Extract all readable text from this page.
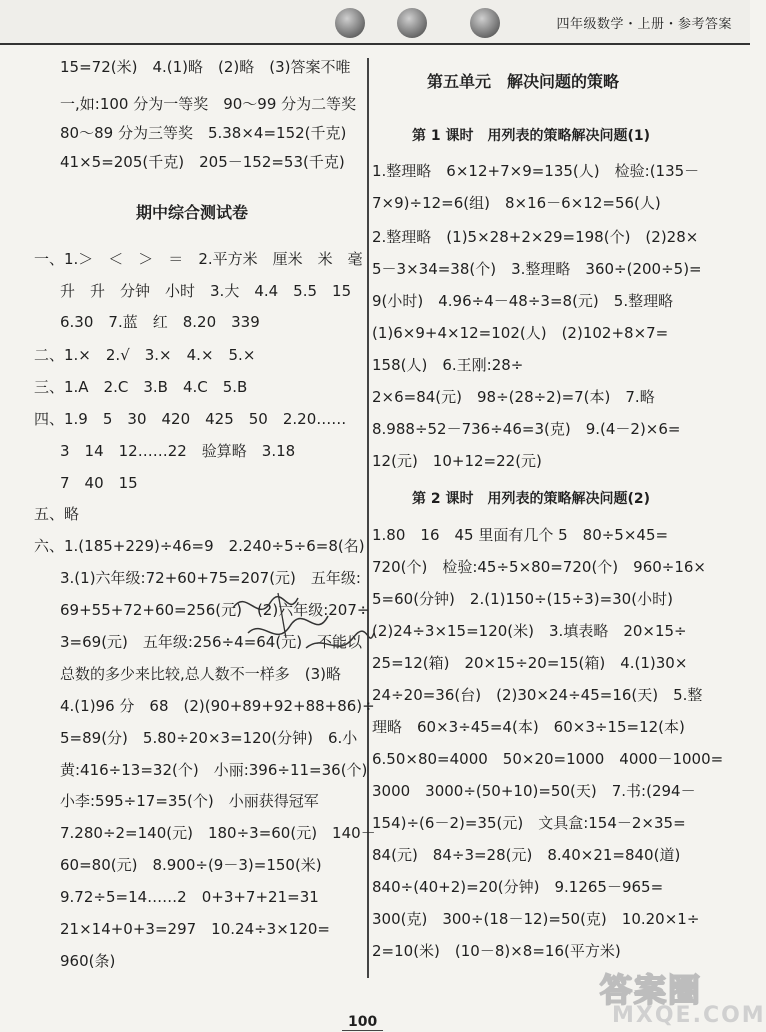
四年级数学・上册・参考答案
15=72(米)　4.(1)略　(2)略　(3)答案不唯
一,如:100 分为一等奖　90～99 分为二等奖
80～89 分为三等奖　5.38×4=152(千克)
41×5=205(千克)　205－152=53(千克)
期中综合测试卷
一、1.＞　＜　＞　＝　2.平方米　厘米　米　毫
升　升　分钟　小时　3.大　4.4　5.5　15
6.30　7.蓝　红　8.20　339
二、1.×　2.√　3.×　4.×　5.×
三、1.A　2.C　3.B　4.C　5.B
四、1.9　5　30　420　425　50　2.20……
3　14　12……22　验算略　3.18
7　40　15
五、略
六、1.(185+229)÷46=9　2.240÷5÷6=8(名)
3.(1)六年级:72+60+75=207(元)　五年级:
69+55+72+60=256(元)　(2)六年级:207÷
3=69(元)　五年级:256÷4=64(元)　不能以
总数的多少来比较,总人数不一样多　(3)略
4.(1)96 分　68　(2)(90+89+92+88+86)÷
5=89(分)　5.80÷20×3=120(分钟)　6.小
黄:416÷13=32(个)　小丽:396÷11=36(个)
小李:595÷17=35(个)　小丽获得冠军
7.280÷2=140(元)　180÷3=60(元)　140－
60=80(元)　8.900÷(9－3)=150(米)
9.72÷5=14……2　0+3+7+21=31
21×14+0+3=297　10.24÷3×120=
960(条)
第五单元　解决问题的策略
第 1 课时　用列表的策略解决问题(1)
1.整理略　6×12+7×9=135(人)　检验:(135－
7×9)÷12=6(组)　8×16－6×12=56(人)
2.整理略　(1)5×28+2×29=198(个)　(2)28×
5－3×34=38(个)　3.整理略　360÷(200÷5)=
9(小时)　4.96÷4－48÷3=8(元)　5.整理略
(1)6×9+4×12=102(人)　(2)102+8×7=
158(人)　6.王刚:28÷
2×6=84(元)　98÷(28÷2)=7(本)　7.略
8.988÷52－736÷46=3(克)　9.(4－2)×6=
12(元)　10+12=22(元)
第 2 课时　用列表的策略解决问题(2)
1.80　16　45 里面有几个 5　80÷5×45=
720(个)　检验:45÷5×80=720(个)　960÷16×
5=60(分钟)　2.(1)150÷(15÷3)=30(小时)
(2)24÷3×15=120(米)　3.填表略　20×15÷
25=12(箱)　20×15÷20=15(箱)　4.(1)30×
24÷20=36(台)　(2)30×24÷45=16(天)　5.整
理略　60×3÷45=4(本)　60×3÷15=12(本)
6.50×80=4000　50×20=1000　4000－1000=
3000　3000÷(50+10)=50(天)　7.书:(294－
154)÷(6－2)=35(元)　文具盒:154－2×35=
84(元)　84÷3=28(元)　8.40×21=840(道)
840÷(40+2)=20(分钟)　9.1265－965=
300(克)　300÷(18－12)=50(克)　10.20×1÷
2=10(米)　(10－8)×8=16(平方米)
100
答案圈
MXQE.COM
